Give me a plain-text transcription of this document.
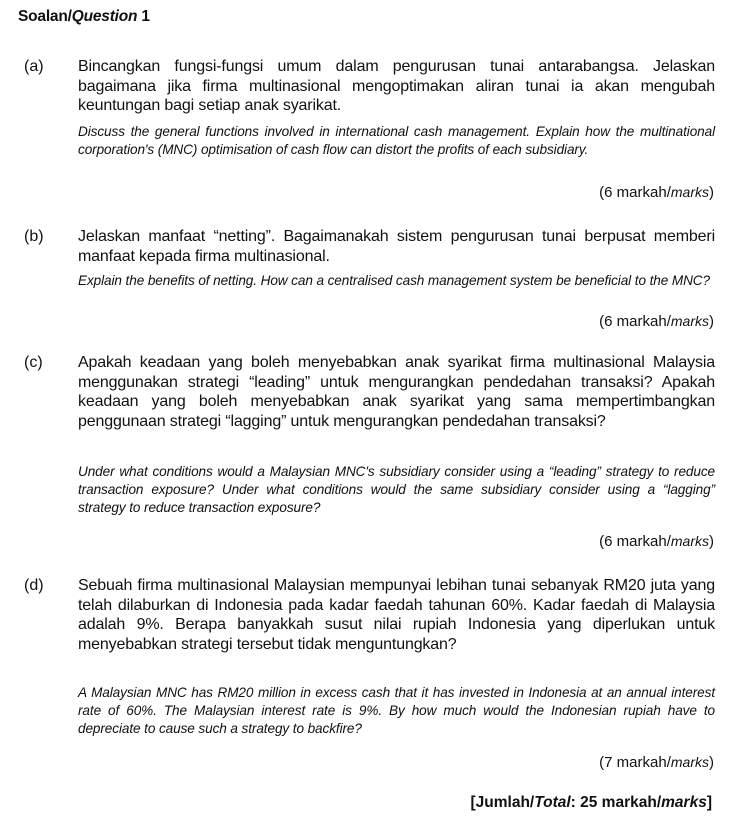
Soalan/Question 1
(a) Bincangkan fungsi-fungsi umum dalam pengurusan tunai antarabangsa. Jelaskan bagaimana jika firma multinasional mengoptimakan aliran tunai ia akan mengubah keuntungan bagi setiap anak syarikat.
Discuss the general functions involved in international cash management. Explain how the multinational corporation's (MNC) optimisation of cash flow can distort the profits of each subsidiary.
(6 markah/marks)
(b) Jelaskan manfaat “netting”. Bagaimanakah sistem pengurusan tunai berpusat memberi manfaat kepada firma multinasional.
Explain the benefits of netting. How can a centralised cash management system be beneficial to the MNC?
(6 markah/marks)
(c) Apakah keadaan yang boleh menyebabkan anak syarikat firma multinasional Malaysia menggunakan strategi “leading” untuk mengurangkan pendedahan transaksi? Apakah keadaan yang boleh menyebabkan anak syarikat yang sama mempertimbangkan penggunaan strategi “lagging” untuk mengurangkan pendedahan transaksi?
Under what conditions would a Malaysian MNC's subsidiary consider using a “leading” strategy to reduce transaction exposure? Under what conditions would the same subsidiary consider using a “lagging” strategy to reduce transaction exposure?
(6 markah/marks)
(d) Sebuah firma multinasional Malaysian mempunyai lebihan tunai sebanyak RM20 juta yang telah dilaburkan di Indonesia pada kadar faedah tahunan 60%. Kadar faedah di Malaysia adalah 9%. Berapa banyakkah susut nilai rupiah Indonesia yang diperlukan untuk menyebabkan strategi tersebut tidak menguntungkan?
A Malaysian MNC has RM20 million in excess cash that it has invested in Indonesia at an annual interest rate of 60%. The Malaysian interest rate is 9%. By how much would the Indonesian rupiah have to depreciate to cause such a strategy to backfire?
(7 markah/marks)
[Jumlah/Total: 25 markah/marks]
